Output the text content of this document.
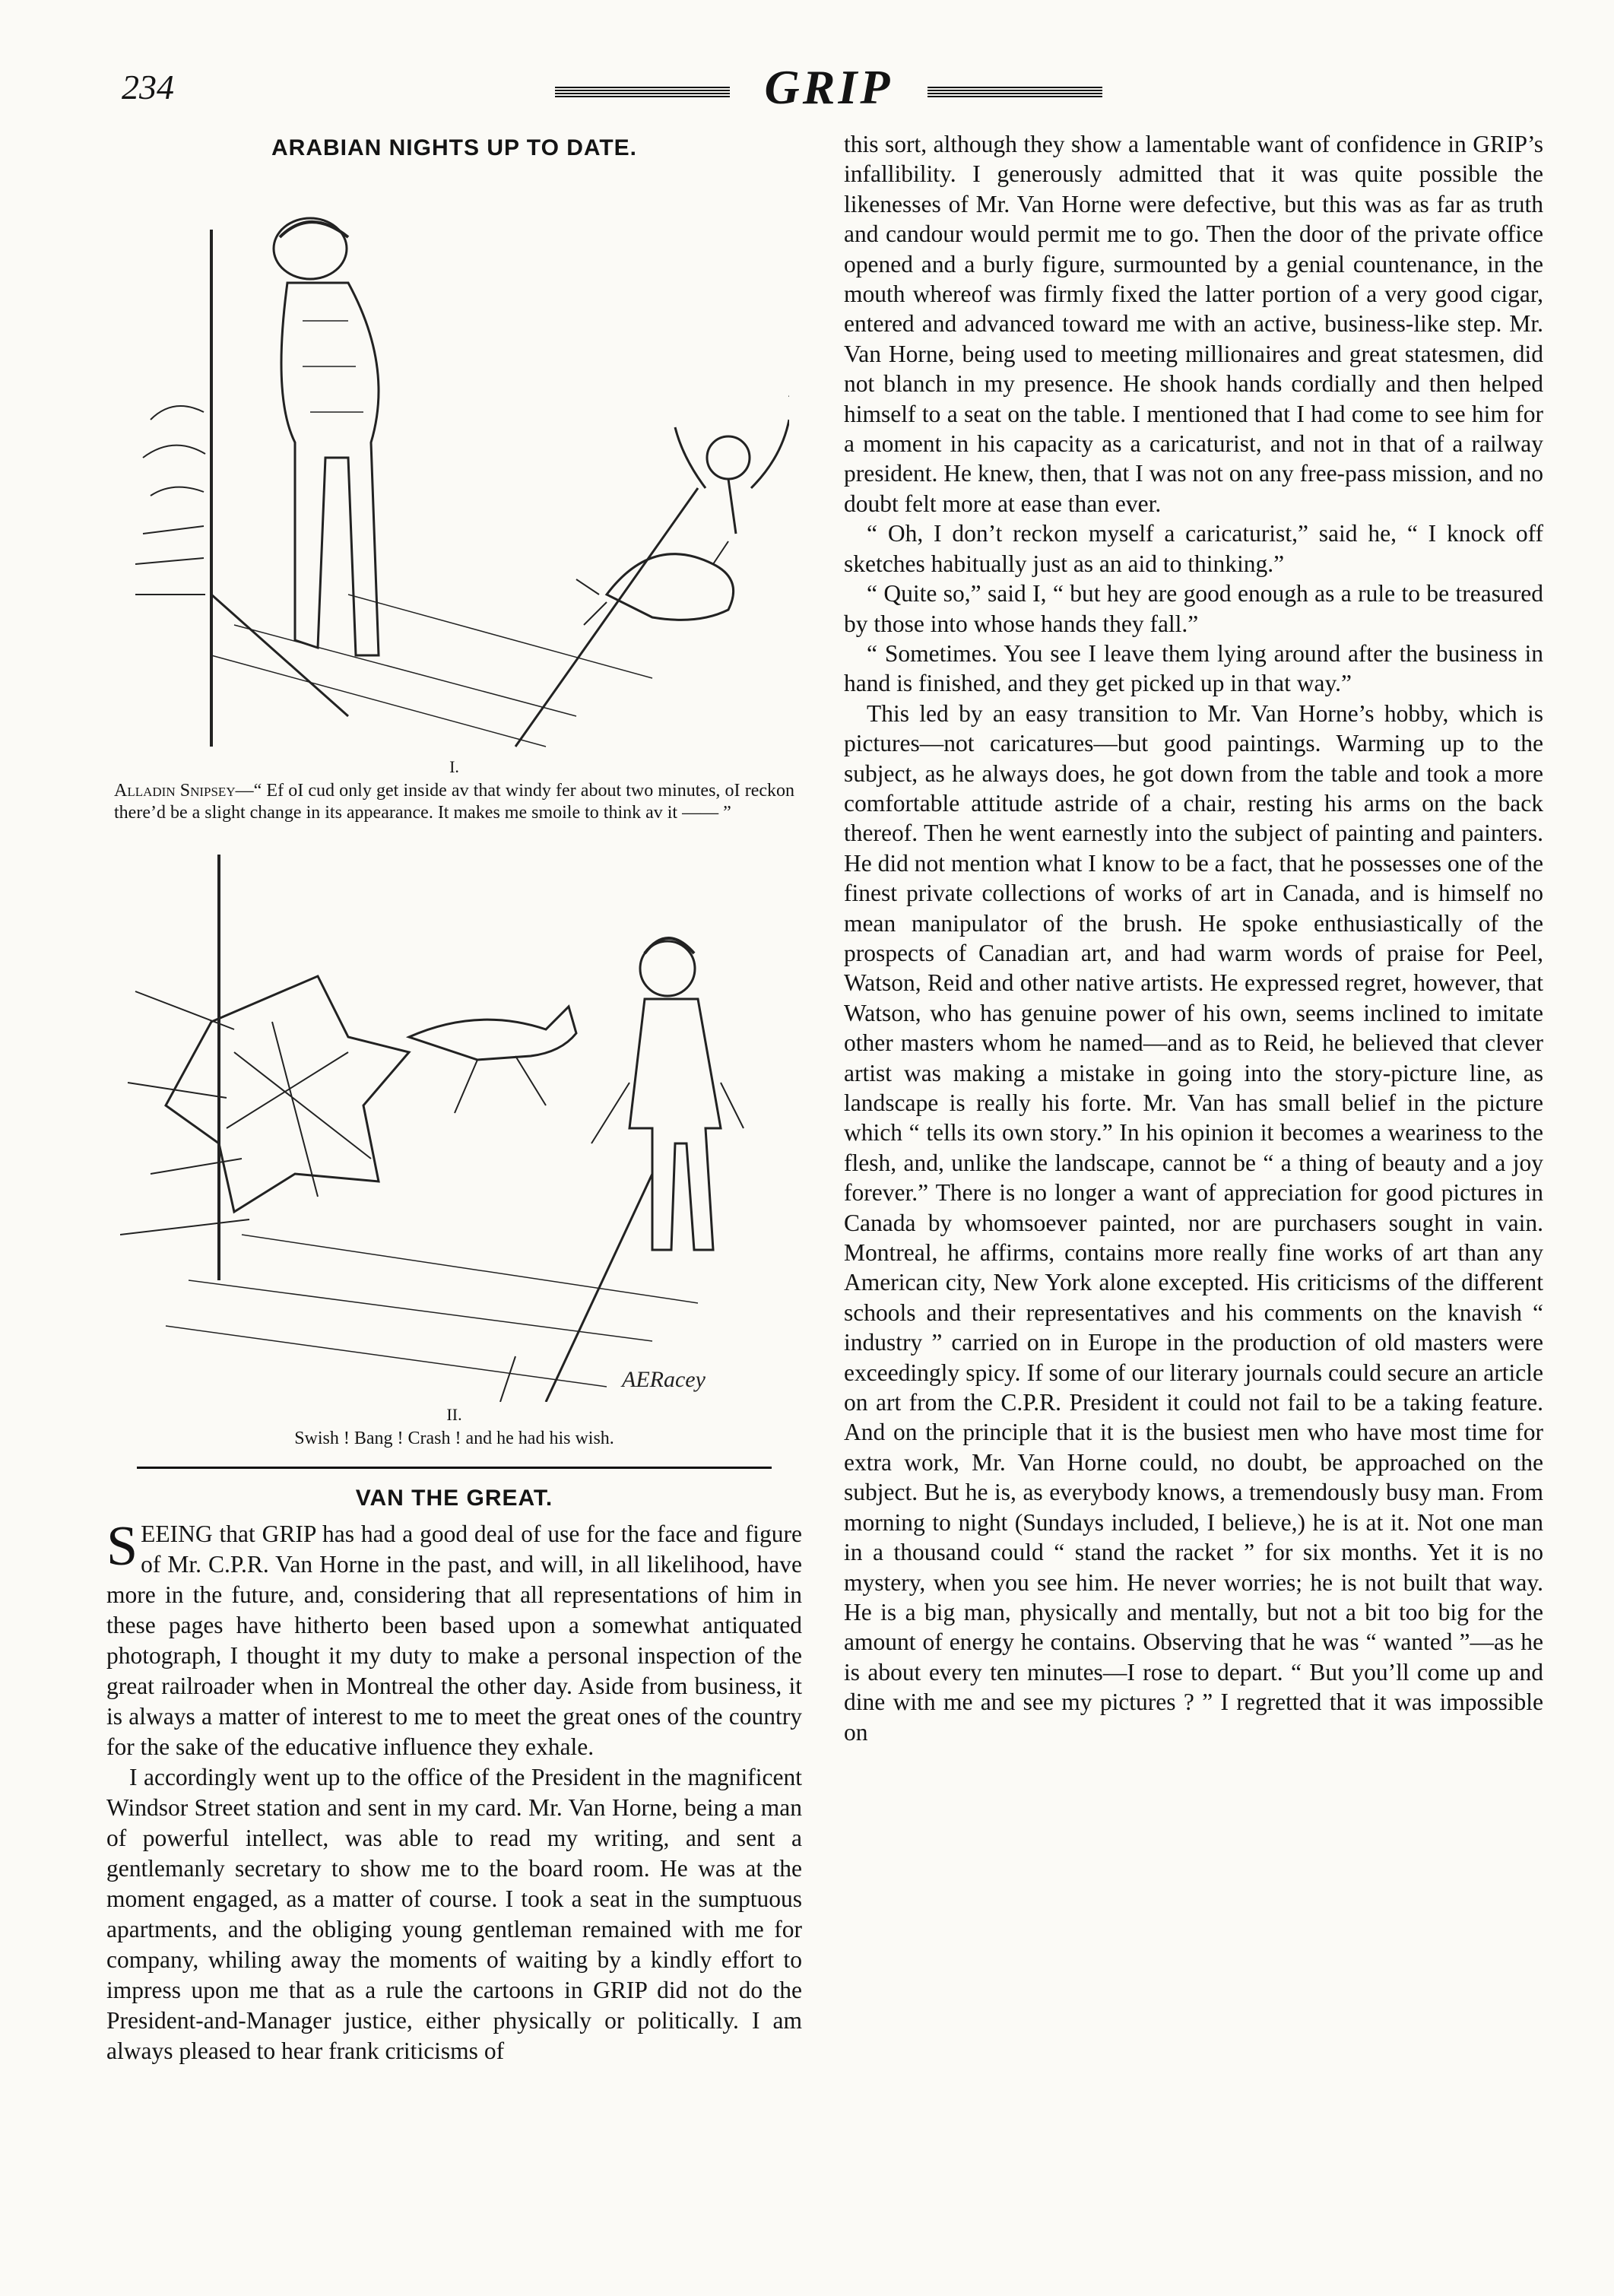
234	GRIP
ARABIAN NIGHTS UP TO DATE.
I.
Alladin Snipsey—“ Ef oI cud only get inside av that windy fer about two minutes, oI reckon there’d be a slight change in its appearance. It makes me smoile to think av it —— ”
AERacey
II.
Swish ! Bang ! Crash ! and he had his wish.
VAN THE GREAT.

SEEING that GRIP has had a good deal of use for the face and figure of Mr. C.P.R. Van Horne in the past, and will, in all likelihood, have more in the future, and, considering that all representations of him in these pages have hitherto been based upon a somewhat antiquated photograph, I thought it my duty to make a personal inspection of the great railroader when in Montreal the other day. Aside from business, it is always a matter of interest to me to meet the great ones of the country for the sake of the educative influence they exhale.

I accordingly went up to the office of the President in the magnificent Windsor Street station and sent in my card. Mr. Van Horne, being a man of powerful intellect, was able to read my writing, and sent a gentlemanly secretary to show me to the board room. He was at the moment engaged, as a matter of course. I took a seat in the sumptuous apartments, and the obliging young gentleman remained with me for company, whiling away the moments of waiting by a kindly effort to impress upon me that as a rule the cartoons in GRIP did not do the President-and-Manager justice, either physically or politically. I am always pleased to hear frank criticisms of

this sort, although they show a lamentable want of confidence in GRIP’s infallibility. I generously admitted that it was quite possible the likenesses of Mr. Van Horne were defective, but this was as far as truth and candour would permit me to go. Then the door of the private office opened and a burly figure, surmounted by a genial countenance, in the mouth whereof was firmly fixed the latter portion of a very good cigar, entered and advanced toward me with an active, business-like step. Mr. Van Horne, being used to meeting millionaires and great statesmen, did not blanch in my presence. He shook hands cordially and then helped himself to a seat on the table. I mentioned that I had come to see him for a moment in his capacity as a caricaturist, and not in that of a railway president. He knew, then, that I was not on any free-pass mission, and no doubt felt more at ease than ever.

“ Oh, I don’t reckon myself a caricaturist,” said he, “ I knock off sketches habitually just as an aid to thinking.”

“ Quite so,” said I, “ but hey are good enough as a rule to be treasured by those into whose hands they fall.”

“ Sometimes. You see I leave them lying around after the business in hand is finished, and they get picked up in that way.”

This led by an easy transition to Mr. Van Horne’s hobby, which is pictures—not caricatures—but good paintings. Warming up to the subject, as he always does, he got down from the table and took a more comfortable attitude astride of a chair, resting his arms on the back thereof. Then he went earnestly into the subject of painting and painters. He did not mention what I know to be a fact, that he possesses one of the finest private collections of works of art in Canada, and is himself no mean manipulator of the brush. He spoke enthusiastically of the prospects of Canadian art, and had warm words of praise for Peel, Watson, Reid and other native artists. He expressed regret, however, that Watson, who has genuine power of his own, seems inclined to imitate other masters whom he named—and as to Reid, he believed that clever artist was making a mistake in going into the story-picture line, as landscape is really his forte. Mr. Van has small belief in the picture which “ tells its own story.” In his opinion it becomes a weariness to the flesh, and, unlike the landscape, cannot be “ a thing of beauty and a joy forever.” There is no longer a want of appreciation for good pictures in Canada by whomsoever painted, nor are purchasers sought in vain. Montreal, he affirms, contains more really fine works of art than any American city, New York alone excepted. His criticisms of the different schools and their representatives and his comments on the knavish “ industry ” carried on in Europe in the production of old masters were exceedingly spicy. If some of our literary journals could secure an article on art from the C.P.R. President it could not fail to be a taking feature. And on the principle that it is the busiest men who have most time for extra work, Mr. Van Horne could, no doubt, be approached on the subject. But he is, as everybody knows, a tremendously busy man. From morning to night (Sundays included, I believe,) he is at it. Not one man in a thousand could “ stand the racket ” for six months. Yet it is no mystery, when you see him. He never worries; he is not built that way. He is a big man, physically and mentally, but not a bit too big for the amount of energy he contains. Observing that he was “ wanted ”—as he is about every ten minutes—I rose to depart. “ But you’ll come up and dine with me and see my pictures ? ” I regretted that it was impossible on
